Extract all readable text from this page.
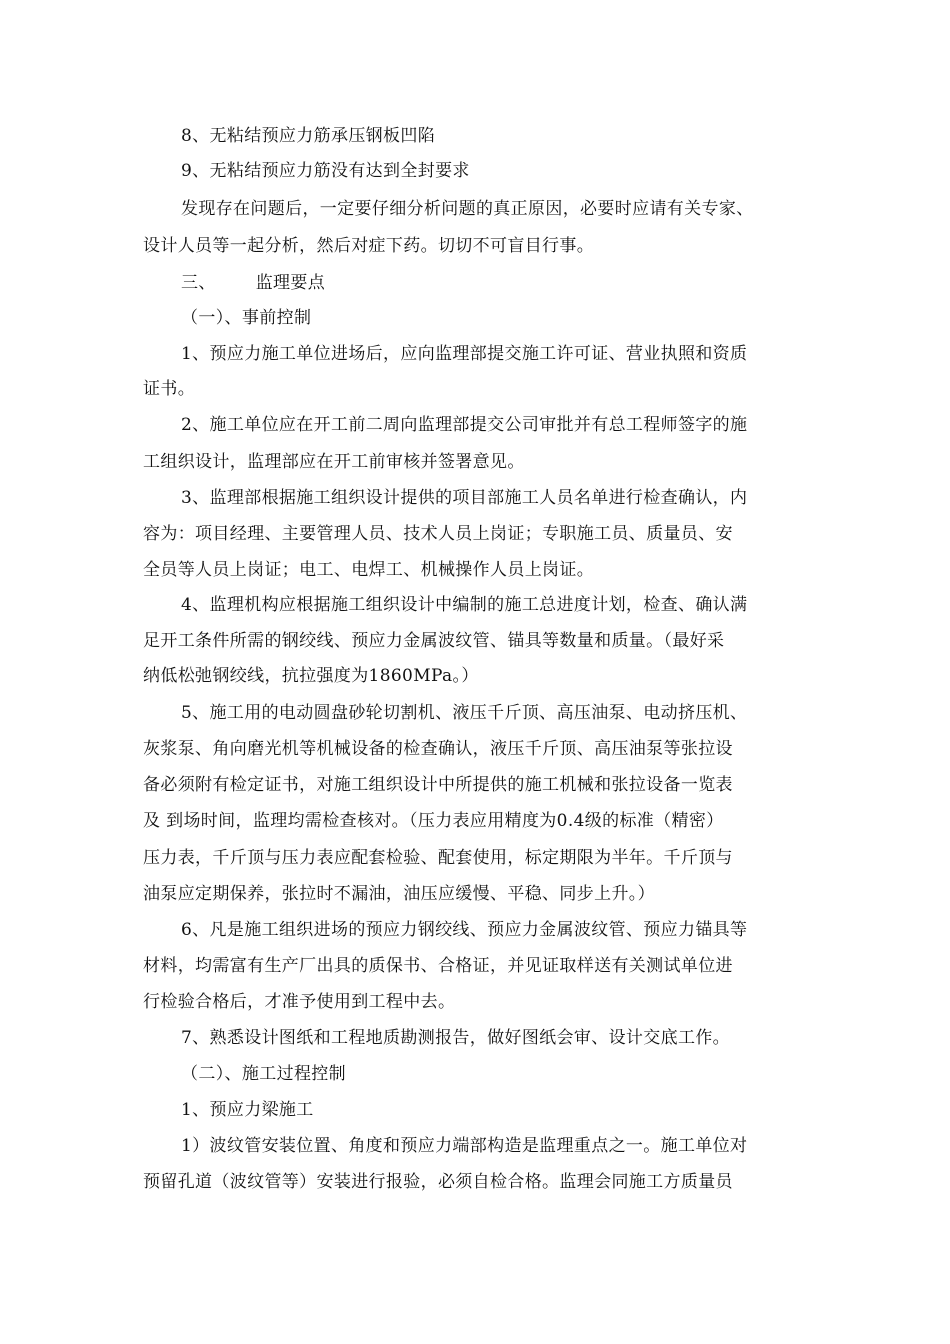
8、无粘结预应力筋承压钢板凹陷
9、无粘结预应力筋没有达到全封要求
发现存在问题后，一定要仔细分析问题的真正原因，必要时应请有关专家、
设计人员等一起分析，然后对症下药。切切不可盲目行事。
三、 监理要点
（一）、事前控制
1、预应力施工单位进场后，应向监理部提交施工许可证、营业执照和资质
证书。
2、施工单位应在开工前二周向监理部提交公司审批并有总工程师签字的施
工组织设计，监理部应在开工前审核并签署意见。
3、监理部根据施工组织设计提供的项目部施工人员名单进行检查确认，内
容为：项目经理、主要管理人员、技术人员上岗证；专职施工员、质量员、安
全员等人员上岗证；电工、电焊工、机械操作人员上岗证。
4、监理机构应根据施工组织设计中编制的施工总进度计划，检查、确认满
足开工条件所需的钢绞线、预应力金属波纹管、锚具等数量和质量。（最好采
纳低松弛钢绞线，抗拉强度为1860MPa。）
5、施工用的电动圆盘砂轮切割机、液压千斤顶、高压油泵、电动挤压机、
灰浆泵、角向磨光机等机械设备的检查确认，液压千斤顶、高压油泵等张拉设
备必须附有检定证书，对施工组织设计中所提供的施工机械和张拉设备一览表
及 到场时间，监理均需检查核对。（压力表应用精度为0.4级的标准（精密）
压力表，千斤顶与压力表应配套检验、配套使用，标定期限为半年。千斤顶与
油泵应定期保养，张拉时不漏油，油压应缓慢、平稳、同步上升。）
6、凡是施工组织进场的预应力钢绞线、预应力金属波纹管、预应力锚具等
材料，均需富有生产厂出具的质保书、合格证，并见证取样送有关测试单位进
行检验合格后，才准予使用到工程中去。
7、熟悉设计图纸和工程地质勘测报告，做好图纸会审、设计交底工作。
（二）、施工过程控制
1、预应力梁施工
1）波纹管安装位置、角度和预应力端部构造是监理重点之一。施工单位对
预留孔道（波纹管等）安装进行报验，必须自检合格。监理会同施工方质量员
